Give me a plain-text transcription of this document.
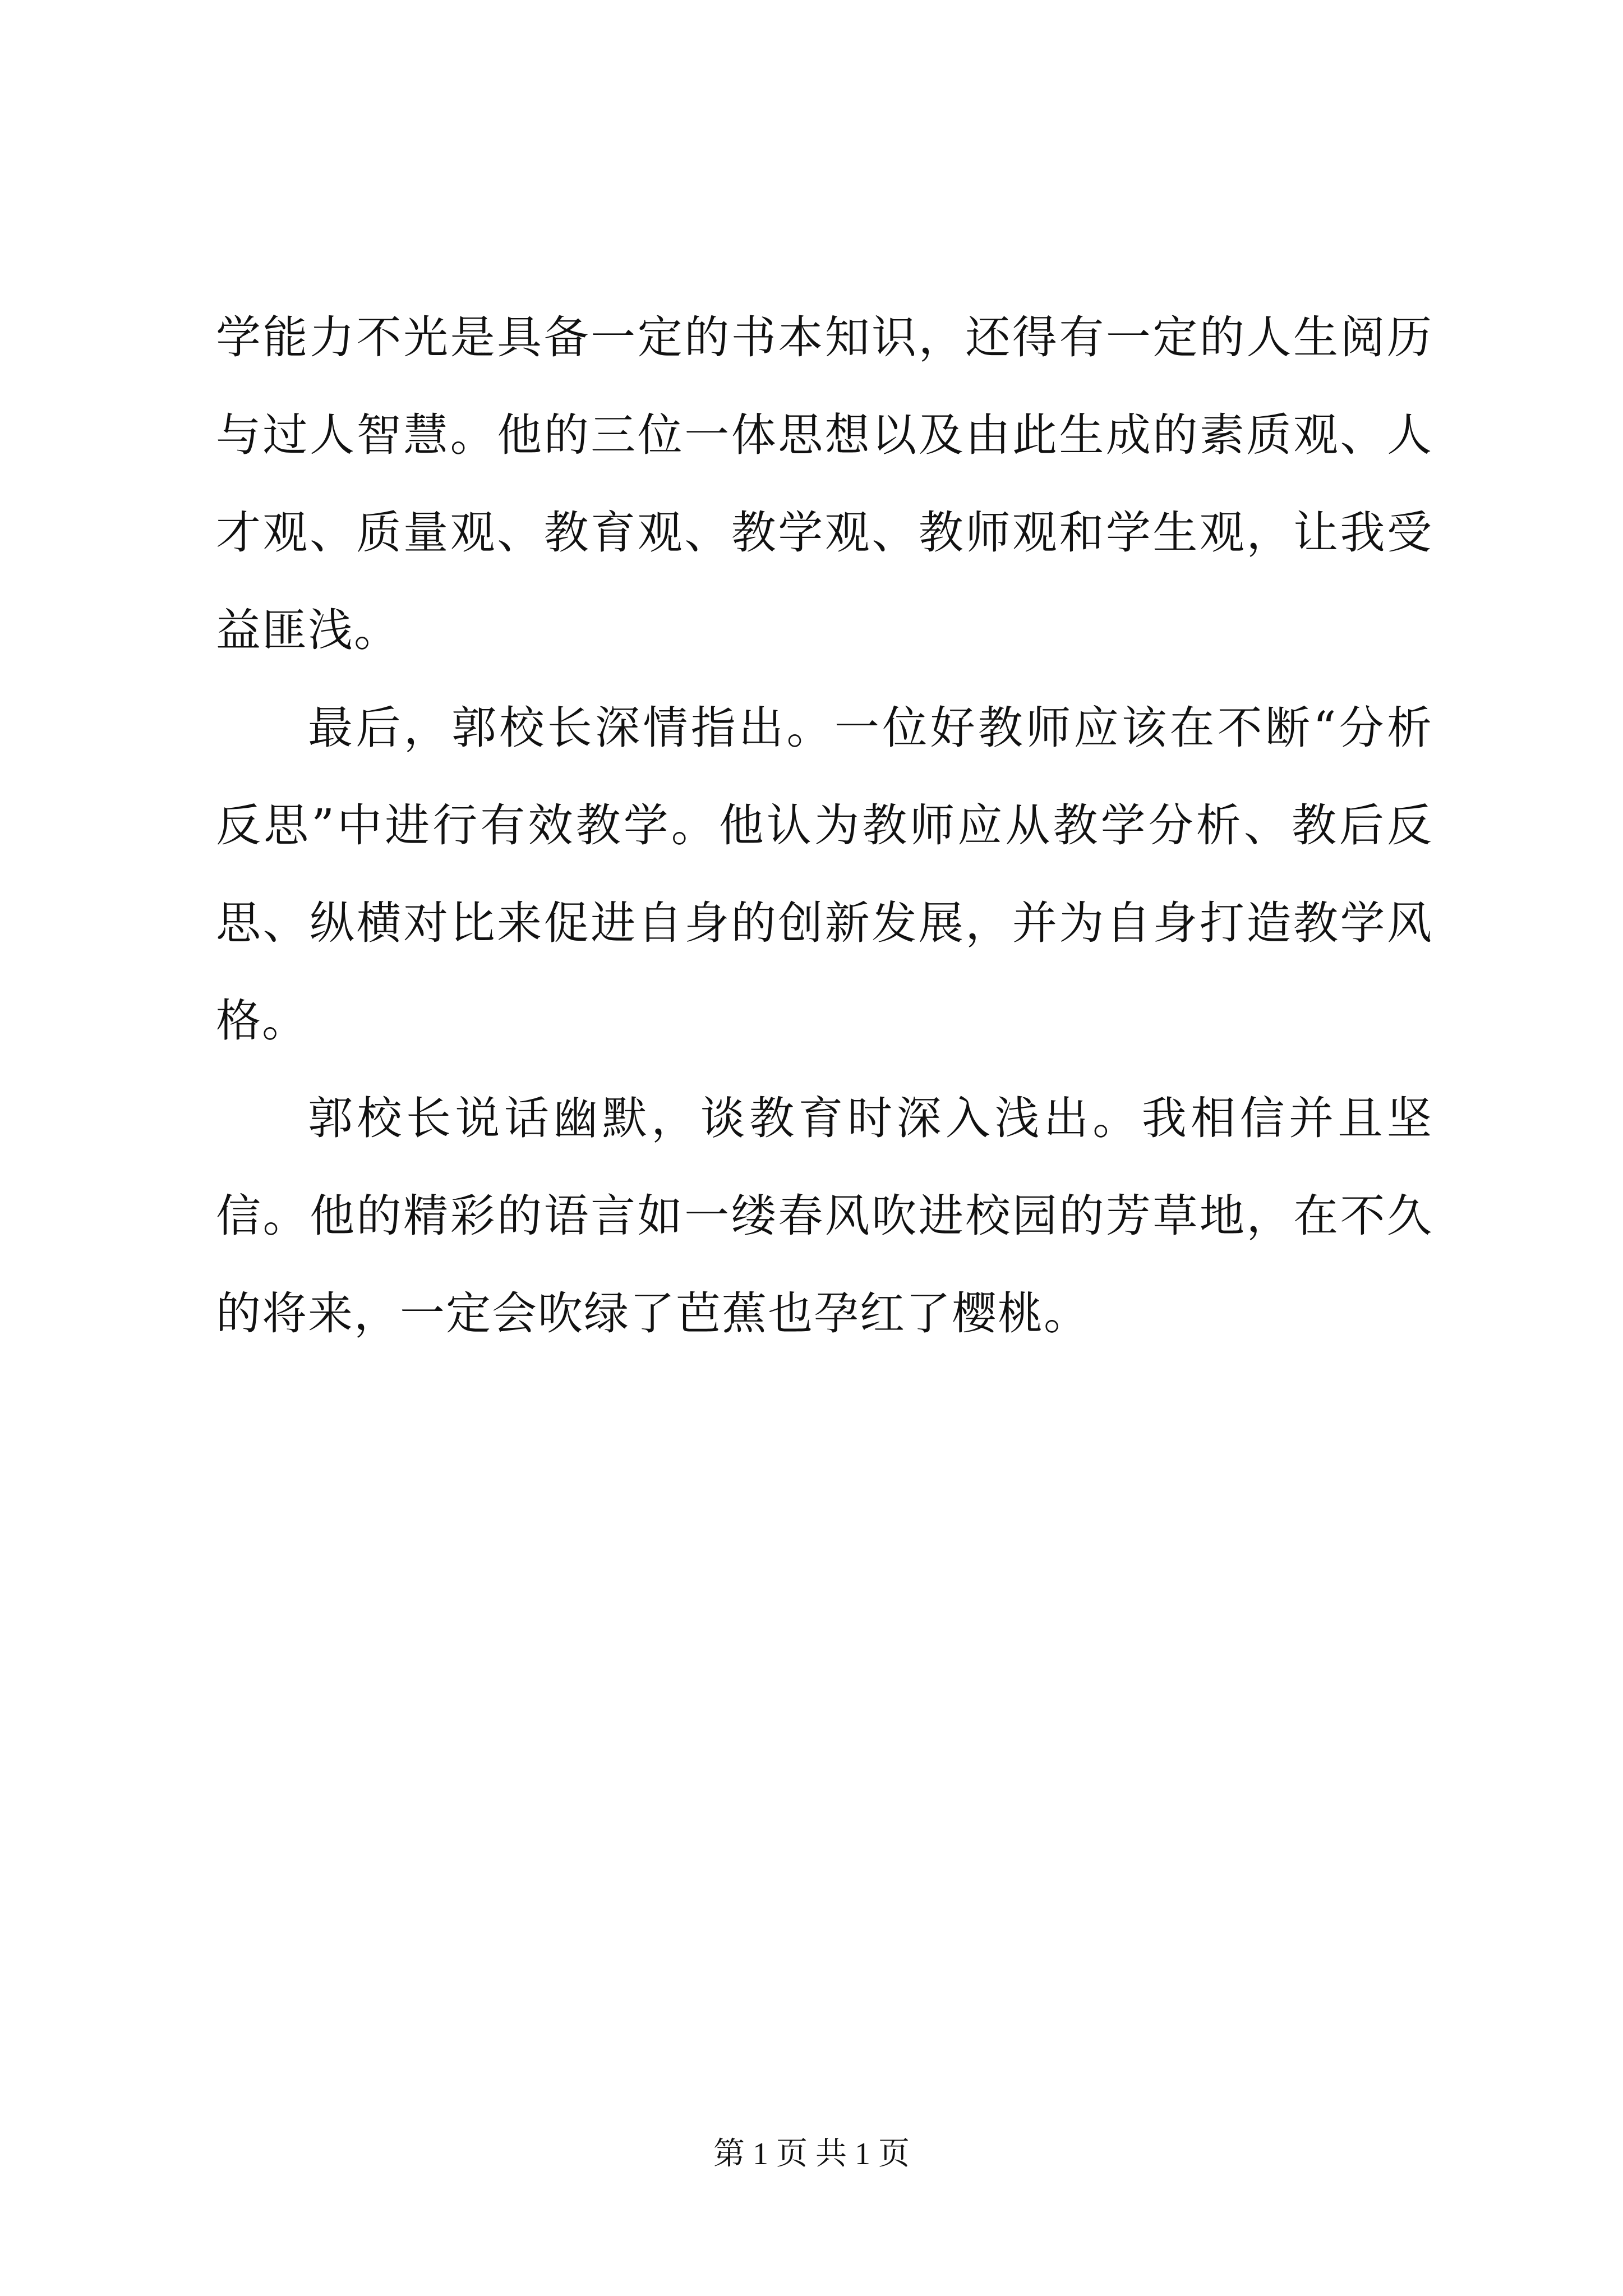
学能力不光是具备一定的书本知识，还得有一定的人生阅历与过人智慧。他的三位一体思想以及由此生成的素质观、人才观、质量观、教育观、教学观、教师观和学生观，让我受益匪浅。

最后，郭校长深情指出。一位好教师应该在不断“分析反思”中进行有效教学。他认为教师应从教学分析、教后反思、纵横对比来促进自身的创新发展，并为自身打造教学风格。

郭校长说话幽默，谈教育时深入浅出。我相信并且坚信。他的精彩的语言如一缕春风吹进校园的芳草地，在不久的将来，一定会吹绿了芭蕉也孕红了樱桃。

第 1 页 共 1 页
